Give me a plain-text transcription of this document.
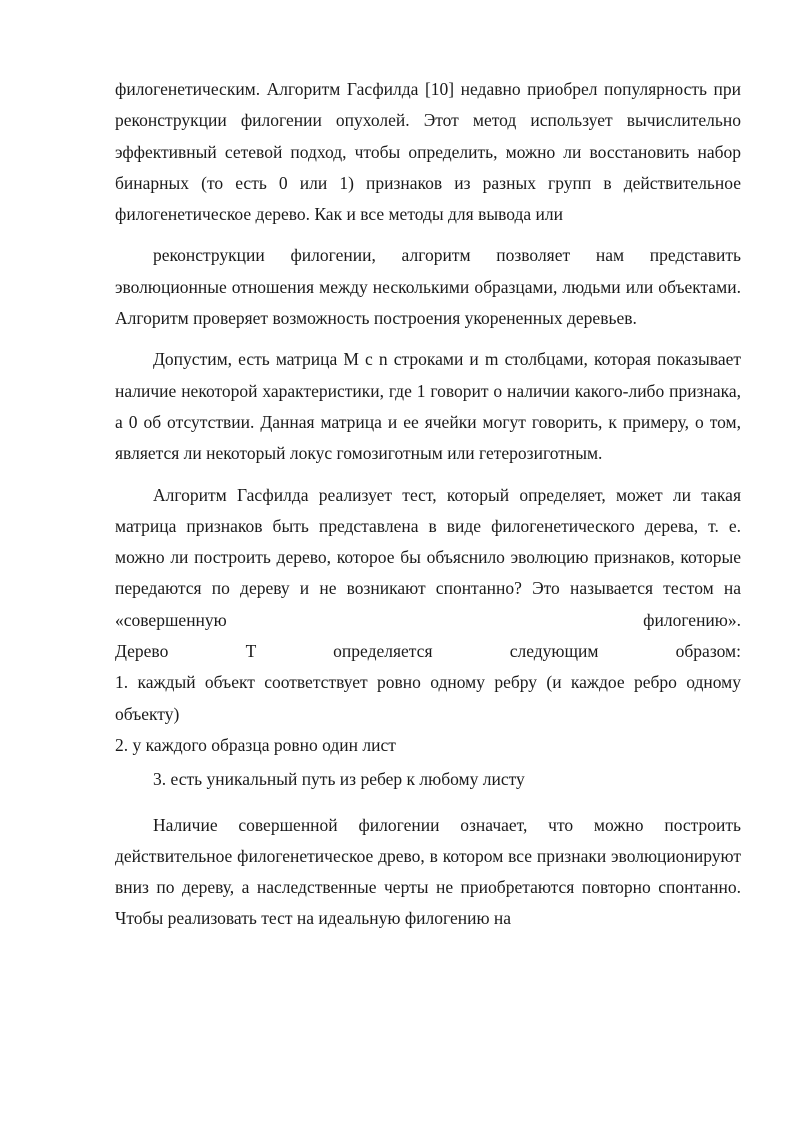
филогенетическим. Алгоритм Гасфилда [10] недавно приобрел популярность при реконструкции филогении опухолей. Этот метод использует вычислительно эффективный сетевой подход, чтобы определить, можно ли восстановить набор бинарных (то есть 0 или 1) признаков из разных групп в действительное филогенетическое дерево. Как и все методы для вывода или

реконструкции филогении, алгоритм позволяет нам представить эволюционные отношения между несколькими образцами, людьми или объектами. Алгоритм проверяет возможность построения укорененных деревьев.

Допустим, есть матрица M с n строками и m столбцами, которая показывает наличие некоторой характеристики, где 1 говорит о наличии какого-либо признака, а 0 об отсутствии. Данная матрица и ее ячейки могут говорить, к примеру, о том, является ли некоторый локус гомозиготным или гетерозиготным.

Алгоритм Гасфилда реализует тест, который определяет, может ли такая матрица признаков быть представлена в виде филогенетического дерева, т. е. можно ли построить дерево, которое бы объяснило эволюцию признаков, которые передаются по дереву и не возникают спонтанно? Это называется тестом на «совершенную филогению».

Дерево T определяется следующим образом:

1. каждый объект соответствует ровно одному ребру (и каждое ребро одному объекту)

2. у каждого образца ровно один лист

3. есть уникальный путь из ребер к любому листу

Наличие совершенной филогении означает, что можно построить действительное филогенетическое древо, в котором все признаки эволюционируют вниз по дереву, а наследственные черты не приобретаются повторно спонтанно. Чтобы реализовать тест на идеальную филогению на
